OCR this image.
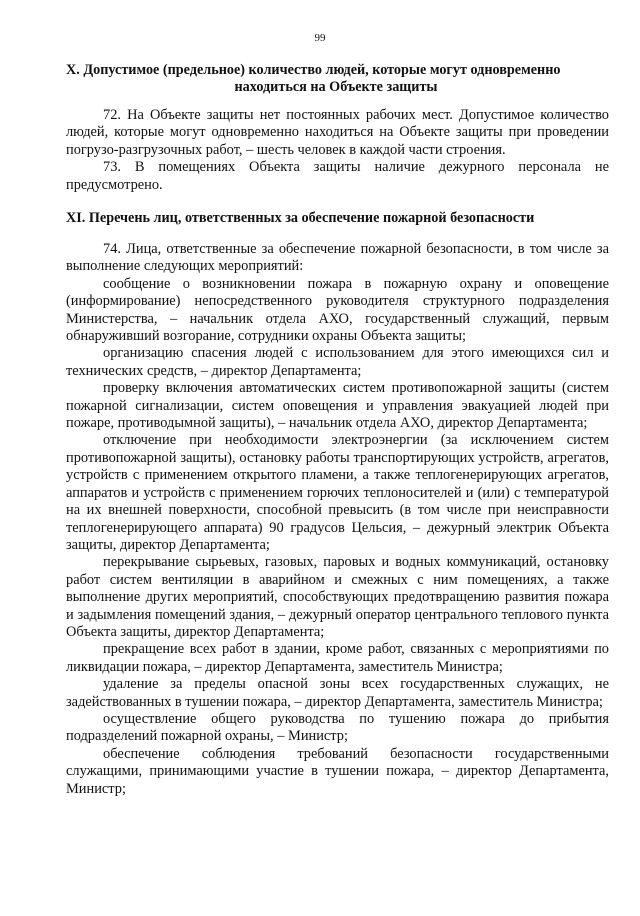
99
X. Допустимое (предельное) количество людей, которые могут одновременно
находиться на Объекте защиты

72. На Объекте защиты нет постоянных рабочих мест. Допустимое количество людей, которые могут одновременно находиться на Объекте защиты при проведении погрузо-разгрузочных работ, – шесть человек в каждой части строения.

73. В помещениях Объекта защиты наличие дежурного персонала не предусмотрено.

XI. Перечень лиц, ответственных за обеспечение пожарной безопасности

74. Лица, ответственные за обеспечение пожарной безопасности, в том числе за выполнение следующих мероприятий:

сообщение о возникновении пожара в пожарную охрану и оповещение (информирование) непосредственного руководителя структурного подразделения Министерства, – начальник отдела АХО, государственный служащий, первым обнаруживший возгорание, сотрудники охраны Объекта защиты;

организацию спасения людей с использованием для этого имеющихся сил и технических средств, – директор Департамента;

проверку включения автоматических систем противопожарной защиты (систем пожарной сигнализации, систем оповещения и управления эвакуацией людей при пожаре, противодымной защиты), – начальник отдела АХО, директор Департамента;

отключение при необходимости электроэнергии (за исключением систем противопожарной защиты), остановку работы транспортирующих устройств, агрегатов, устройств с применением открытого пламени, а также теплогенерирующих агрегатов, аппаратов и устройств с применением горючих теплоносителей и (или) с температурой на их внешней поверхности, способной превысить (в том числе при неисправности теплогенерирующего аппарата) 90 градусов Цельсия, – дежурный электрик Объекта защиты, директор Департамента;

перекрывание сырьевых, газовых, паровых и водных коммуникаций, остановку работ систем вентиляции в аварийном и смежных с ним помещениях, а также выполнение других мероприятий, способствующих предотвращению развития пожара и задымления помещений здания, – дежурный оператор центрального теплового пункта Объекта защиты, директор Департамента;

прекращение всех работ в здании, кроме работ, связанных с мероприятиями по ликвидации пожара, – директор Департамента, заместитель Министра;

удаление за пределы опасной зоны всех государственных служащих, не задействованных в тушении пожара, – директор Департамента, заместитель Министра;

осуществление общего руководства по тушению пожара до прибытия подразделений пожарной охраны, – Министр;

обеспечение соблюдения требований безопасности государственными служащими, принимающими участие в тушении пожара, – директор Департамента, Министр;
